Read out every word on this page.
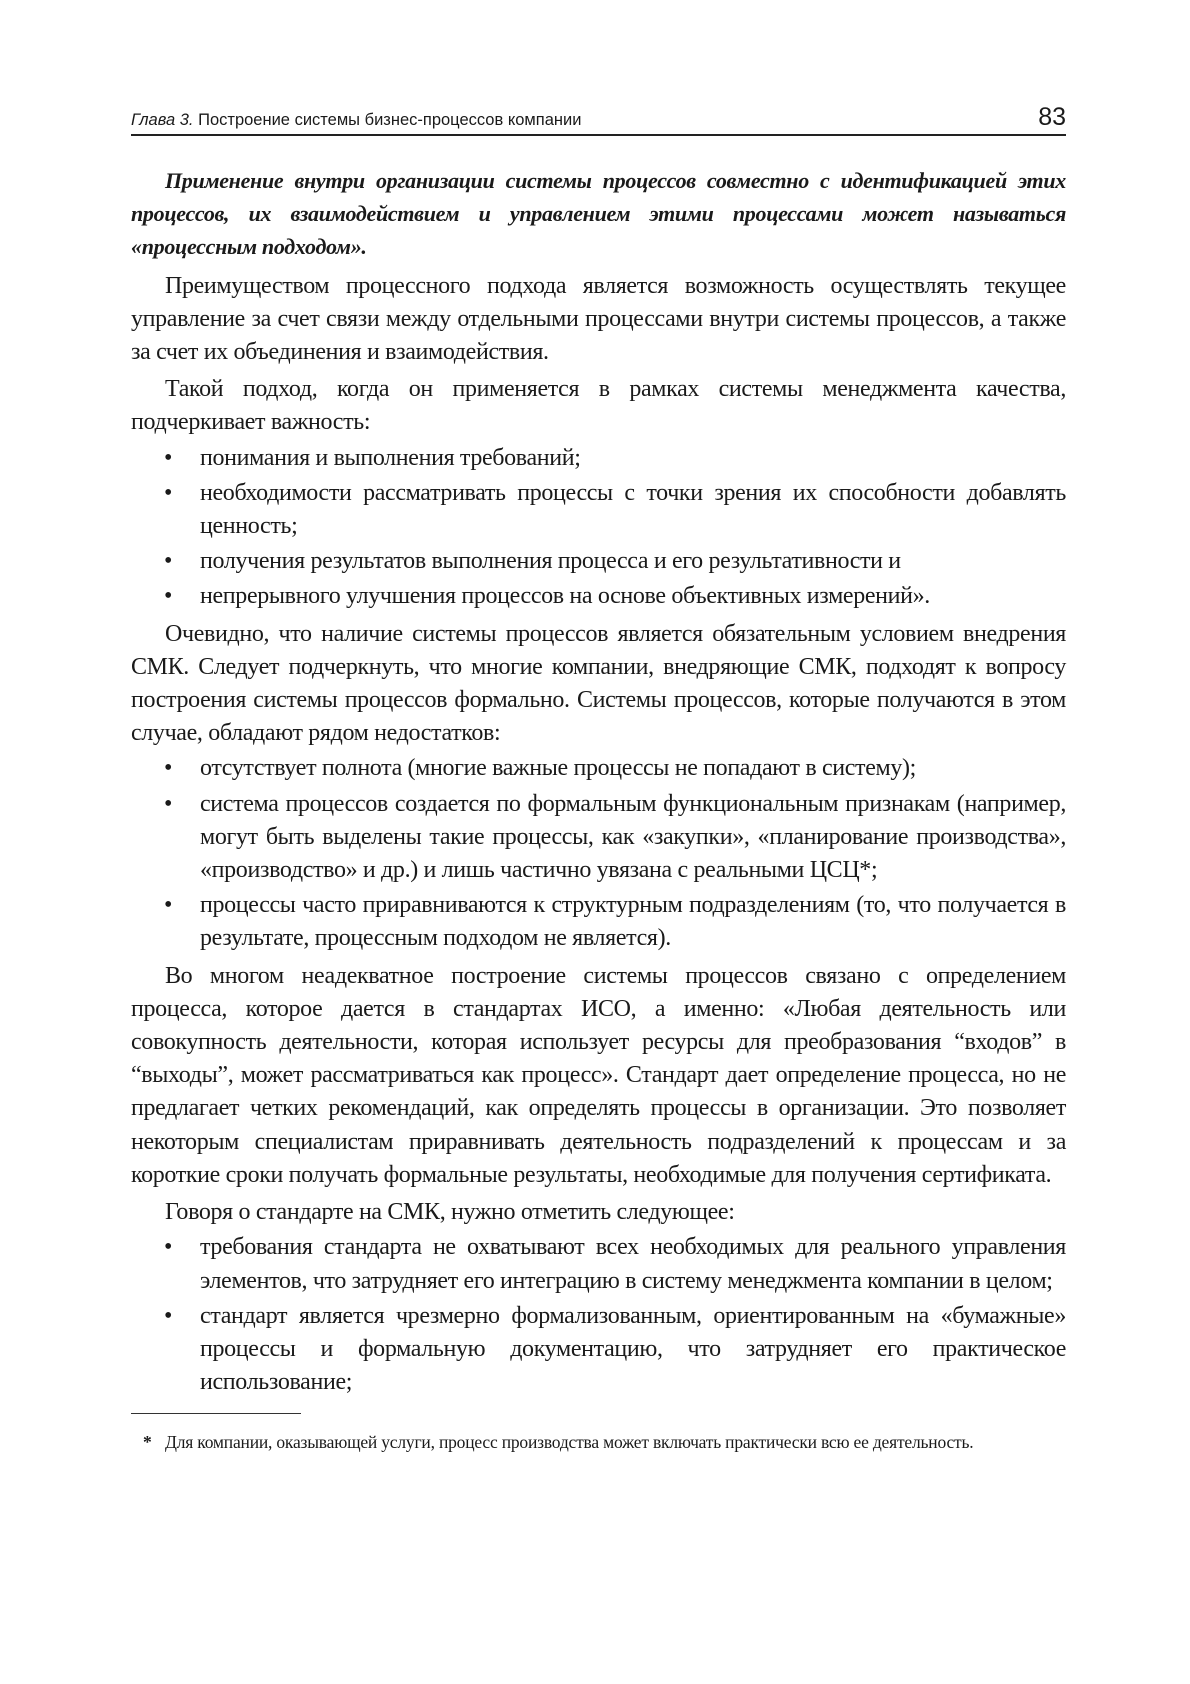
Глава 3. Построение системы бизнес-процессов компании	83

Применение внутри организации системы процессов совместно с идентификацией этих процессов, их взаимодействием и управлением этими процессами может называться «процессным подходом».

Преимуществом процессного подхода является возможность осуществлять текущее управление за счет связи между отдельными процессами внутри системы процессов, а также за счет их объединения и взаимодействия.

Такой подход, когда он применяется в рамках системы менеджмента качества, подчеркивает важность:

• понимания и выполнения требований;
• необходимости рассматривать процессы с точки зрения их способности добавлять ценность;
• получения результатов выполнения процесса и его результативности и
• непрерывного улучшения процессов на основе объективных измерений».

Очевидно, что наличие системы процессов является обязательным условием внедрения СМК. Следует подчеркнуть, что многие компании, внедряющие СМК, подходят к вопросу построения системы процессов формально. Системы процессов, которые получаются в этом случае, обладают рядом недостатков:

• отсутствует полнота (многие важные процессы не попадают в систему);
• система процессов создается по формальным функциональным признакам (например, могут быть выделены такие процессы, как «закупки», «планирование производства», «производство» и др.) и лишь частично увязана с реальными ЦСЦ*;
• процессы часто приравниваются к структурным подразделениям (то, что получается в результате, процессным подходом не является).

Во многом неадекватное построение системы процессов связано с определением процесса, которое дается в стандартах ИСО, а именно: «Любая деятельность или совокупность деятельности, которая использует ресурсы для преобразования “входов” в “выходы”, может рассматриваться как процесс». Стандарт дает определение процесса, но не предлагает четких рекомендаций, как определять процессы в организации. Это позволяет некоторым специалистам приравнивать деятельность подразделений к процессам и за короткие сроки получать формальные результаты, необходимые для получения сертификата.

Говоря о стандарте на СМК, нужно отметить следующее:

• требования стандарта не охватывают всех необходимых для реального управления элементов, что затрудняет его интеграцию в систему менеджмента компании в целом;
• стандарт является чрезмерно формализованным, ориентированным на «бумажные» процессы и формальную документацию, что затрудняет его практическое использование;
* Для компании, оказывающей услуги, процесс производства может включать практически всю ее деятельность.
